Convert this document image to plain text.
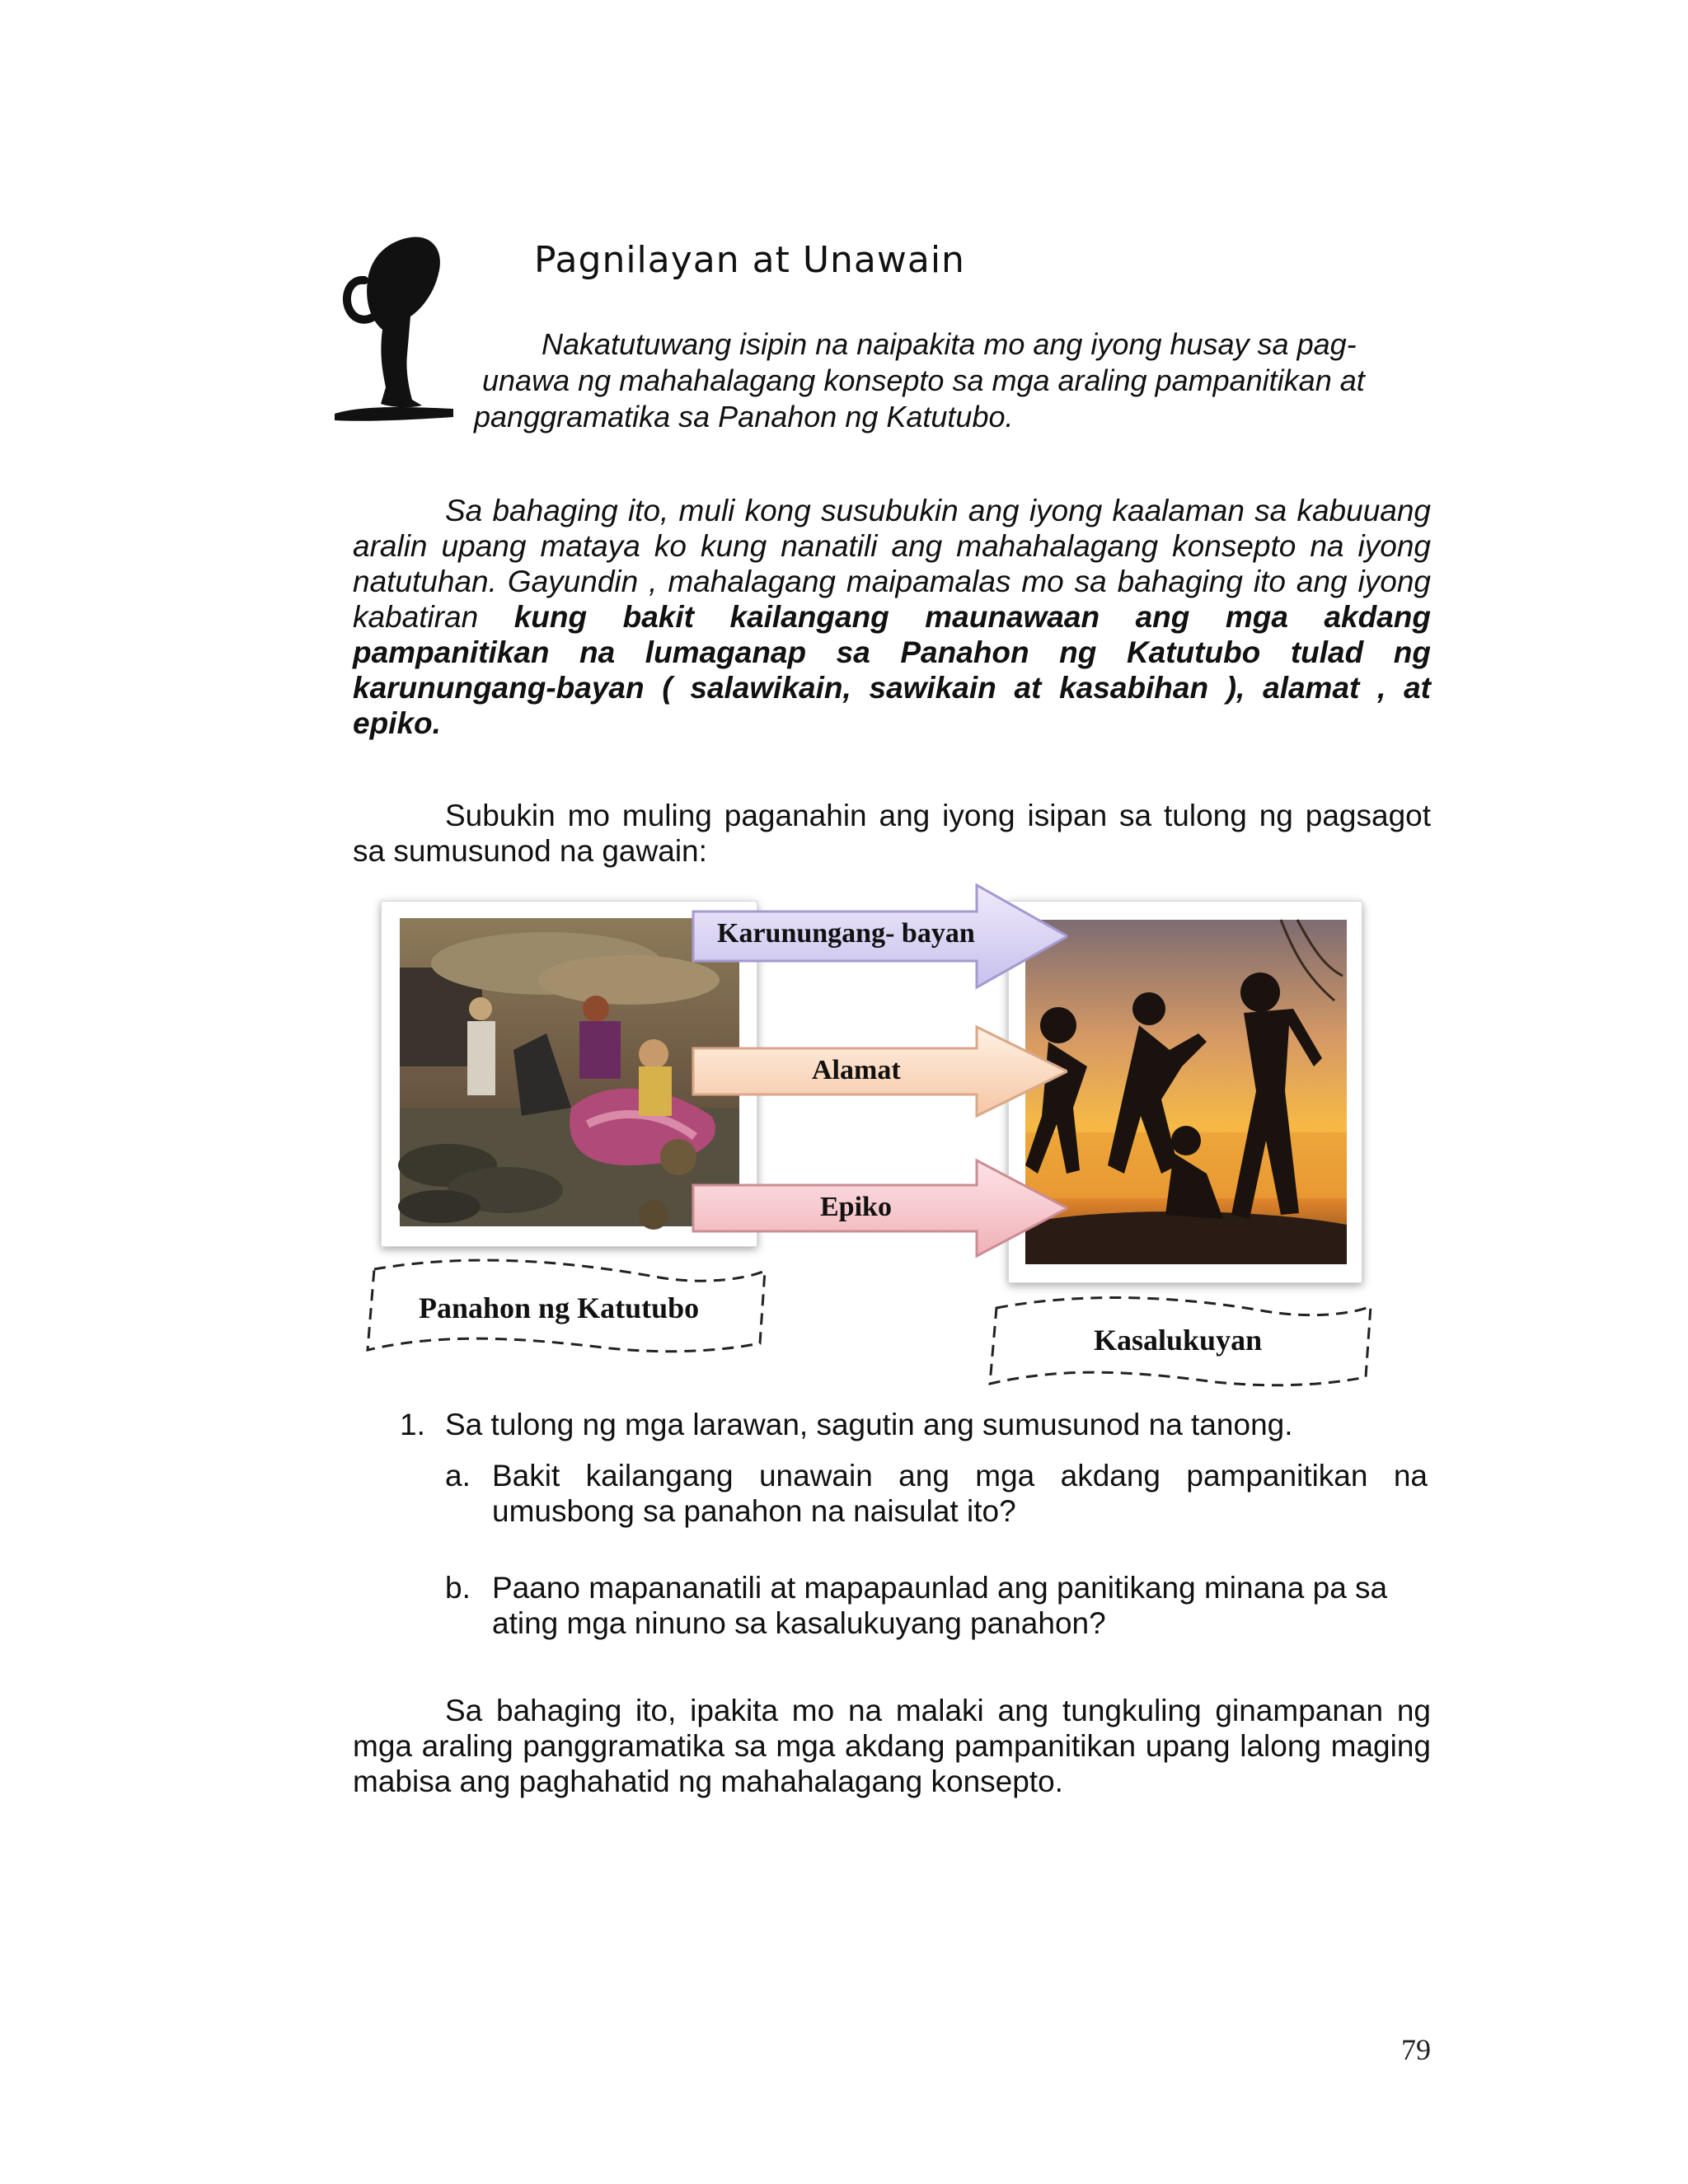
Pagnilayan at Unawain
Nakatutuwang isipin na naipakita mo ang iyong husay sa pag-
unawa ng mahahalagang konsepto sa mga araling pampanitikan at
panggramatika sa Panahon ng Katutubo.
Sa bahaging ito, muli kong susubukin ang iyong kaalaman sa kabuuang aralin upang mataya ko kung nanatili ang mahahalagang konsepto na iyong natutuhan. Gayundin , mahalagang maipamalas mo sa bahaging ito ang iyong kabatiran kung bakit kailangang maunawaan ang mga akdang pampanitikan na lumaganap sa Panahon ng Katutubo tulad ng karunungang-bayan ( salawikain, sawikain at kasabihan ), alamat , at epiko.
Subukin mo muling paganahin ang iyong isipan sa tulong ng pagsagot sa sumusunod na gawain:
Karunungang- bayan
Alamat
Epiko
Panahon ng Katutubo
Kasalukuyan
1. Sa tulong ng mga larawan, sagutin ang sumusunod na tanong.
a. Bakit kailangang unawain ang mga akdang pampanitikan na umusbong sa panahon na naisulat ito?
b. Paano mapananatili at mapapaunlad ang panitikang minana pa sa ating mga ninuno sa kasalukuyang panahon?
Sa bahaging ito, ipakita mo na malaki ang tungkuling ginampanan ng mga araling panggramatika sa mga akdang pampanitikan upang lalong maging mabisa ang paghahatid ng mahahalagang konsepto.
79
